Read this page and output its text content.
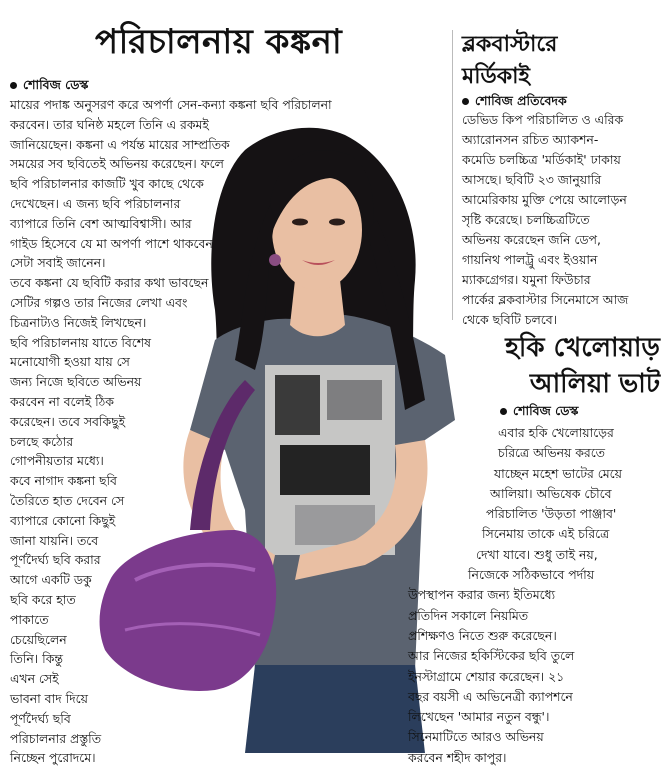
পরিচালনায় কঙ্কনা
শোবিজ ডেস্ক
মায়ের পদাঙ্ক অনুসরণ করে অপর্ণা সেন-কন্যা কঙ্কনা ছবি পরিচালনা
করবেন। তার ঘনিষ্ঠ মহলে তিনি এ রকমই
জানিয়েছেন। কঙ্কনা এ পর্যন্ত মায়ের সাম্প্রতিক
সময়ের সব ছবিতেই অভিনয় করেছেন। ফলে
ছবি পরিচালনার কাজটি খুব কাছে থেকে
দেখেছেন। এ জন্য ছবি পরিচালনার
ব্যাপারে তিনি বেশ আত্মবিশ্বাসী। আর
গাইড হিসেবে যে মা অপর্ণা পাশে থাকবেন
সেটা সবাই জানেন।
তবে কঙ্কনা যে ছবিটি করার কথা ভাবছেন
সেটির গল্পও তার নিজের লেখা এবং
চিত্রনাট্যও নিজেই লিখছেন।
ছবি পরিচালনায় যাতে বিশেষ
মনোযোগী হওয়া যায় সে
জন্য নিজে ছবিতে অভিনয়
করবেন না বলেই ঠিক
করেছেন। তবে সবকিছুই
চলছে কঠোর
গোপনীয়তার মধ্যে।
কবে নাগাদ কঙ্কনা ছবি
তৈরিতে হাত দেবেন সে
ব্যাপারে কোনো কিছুই
জানা যায়নি। তবে
পূর্ণদৈর্ঘ্য ছবি করার
আগে একটি ডকু
ছবি করে হাত
পাকাতে
চেয়েছিলেন
তিনি। কিন্তু
এখন সেই
ভাবনা বাদ দিয়ে
পূর্ণদৈর্ঘ্য ছবি
পরিচালনার প্রস্তুতি
নিচ্ছেন পুরোদমে।
ব্লকবাস্টারে
মর্ডিকাই
শোবিজ প্রতিবেদক
ডেভিড কিপ পরিচালিত ও এরিক
অ্যারোনসন রচিত অ্যাকশন-
কমেডি চলচ্চিত্র 'মর্ডিকাই' ঢাকায়
আসছে। ছবিটি ২৩ জানুয়ারি
আমেরিকায় মুক্তি পেয়ে আলোড়ন
সৃষ্টি করেছে। চলচ্চিত্রটিতে
অভিনয় করেছেন জনি ডেপ,
গায়নিথ পালট্রু এবং ইওয়ান
ম্যাকগ্রেগর। যমুনা ফিউচার
পার্কের ব্লকবাস্টার সিনেমাসে আজ
থেকে ছবিটি চলবে।
হকি খেলোয়াড়
আলিয়া ভাট
শোবিজ ডেস্ক
এবার হকি খেলোয়াড়ের
চরিত্রে অভিনয় করতে
যাচ্ছেন মহেশ ভাটের মেয়ে
আলিয়া। অভিষেক চৌবে
পরিচালিত 'উড়তা পাঞ্জাব'
সিনেমায় তাকে এই চরিত্রে
দেখা যাবে। শুধু তাই নয়,
নিজেকে সঠিকভাবে পর্দায়
উপস্থাপন করার জন্য ইতিমধ্যে
প্রতিদিন সকালে নিয়মিত
প্রশিক্ষণও নিতে শুরু করেছেন।
আর নিজের হকিস্টিকের ছবি তুলে
ইনস্টাগ্রামে শেয়ার করেছেন। ২১
বছর বয়সী এ অভিনেত্রী ক্যাপশনে
লিখেছেন 'আমার নতুন বন্ধু'।
সিনেমাটিতে আরও অভিনয়
করবেন শহীদ কাপুর।
